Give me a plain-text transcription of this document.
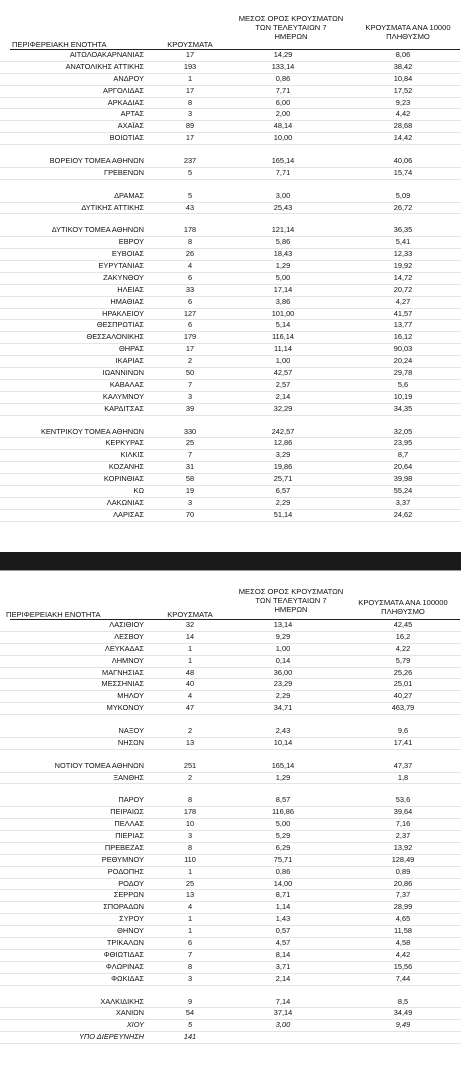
ΜΕΣΟΣ ΟΡΟΣ ΚΡΟΥΣΜΑΤΩΝ
ΤΩΝ ΤΕΛΕΥΤΑΙΩΝ 7
ΗΜΕΡΩΝ
ΚΡΟΥΣΜΑΤΑ ΑΝΑ 10000
ΠΛΗΘΥΣΜΟ
ΠΕΡΙΦΕΡΕΙΑΚΗ ΕΝΟΤΗΤΑ	ΚΡΟΥΣΜΑΤΑ
ΑΙΤΩΛΟΑΚΑΡΝΑΝΙΑΣ	17	14,29	8,06
ΑΝΑΤΟΛΙΚΗΣ ΑΤΤΙΚΗΣ	193	133,14	38,42
ΑΝΔΡΟΥ	1	0,86	10,84
ΑΡΓΟΛΙΔΑΣ	17	7,71	17,52
ΑΡΚΑΔΙΑΣ	8	6,00	9,23
ΑΡΤΑΣ	3	2,00	4,42
ΑΧΑΪΑΣ	89	48,14	28,68
ΒΟΙΩΤΙΑΣ	17	10,00	14,42
ΒΟΡΕΙΟΥ ΤΟΜΕΑ ΑΘΗΝΩΝ	237	165,14	40,06
ΓΡΕΒΕΝΩΝ	5	7,71	15,74
ΔΡΑΜΑΣ	5	3,00	5,09
ΔΥΤΙΚΗΣ ΑΤΤΙΚΗΣ	43	25,43	26,72
ΔΥΤΙΚΟΥ ΤΟΜΕΑ ΑΘΗΝΩΝ	178	121,14	36,35
ΕΒΡΟΥ	8	5,86	5,41
ΕΥΒΟΙΑΣ	26	18,43	12,33
ΕΥΡΥΤΑΝΙΑΣ	4	1,29	19,92
ΖΑΚΥΝΘΟΥ	6	5,00	14,72
ΗΛΕΙΑΣ	33	17,14	20,72
ΗΜΑΘΙΑΣ	6	3,86	4,27
ΗΡΑΚΛΕΙΟΥ	127	101,00	41,57
ΘΕΣΠΡΩΤΙΑΣ	6	5,14	13,77
ΘΕΣΣΑΛΟΝΙΚΗΣ	179	116,14	16,12
ΘΗΡΑΣ	17	11,14	90,03
ΙΚΑΡΙΑΣ	2	1,00	20,24
ΙΩΑΝΝΙΝΩΝ	50	42,57	29,78
ΚΑΒΑΛΑΣ	7	2,57	5,6
ΚΑΛΥΜΝΟΥ	3	2,14	10,19
ΚΑΡΔΙΤΣΑΣ	39	32,29	34,35
ΚΕΝΤΡΙΚΟΥ ΤΟΜΕΑ ΑΘΗΝΩΝ	330	242,57	32,05
ΚΕΡΚΥΡΑΣ	25	12,86	23,95
ΚΙΛΚΙΣ	7	3,29	8,7
ΚΟΖΑΝΗΣ	31	19,86	20,64
ΚΟΡΙΝΘΙΑΣ	58	25,71	39,98
ΚΩ	19	6,57	55,24
ΛΑΚΩΝΙΑΣ	3	2,29	3,37
ΛΑΡΙΣΑΣ	70	51,14	24,62
ΜΕΣΟΣ ΟΡΟΣ ΚΡΟΥΣΜΑΤΩΝ
ΤΩΝ ΤΕΛΕΥΤΑΙΩΝ 7
ΗΜΕΡΩΝ
ΚΡΟΥΣΜΑΤΑ ΑΝΑ 100000
ΠΛΗΘΥΣΜΟ
ΠΕΡΙΦΕΡΕΙΑΚΗ ΕΝΟΤΗΤΑ	ΚΡΟΥΣΜΑΤΑ
ΛΑΣΙΘΙΟΥ	32	13,14	42,45
ΛΕΣΒΟΥ	14	9,29	16,2
ΛΕΥΚΑΔΑΣ	1	1,00	4,22
ΛΗΜΝΟΥ	1	0,14	5,79
ΜΑΓΝΗΣΙΑΣ	48	36,00	25,26
ΜΕΣΣΗΝΙΑΣ	40	23,29	25,01
ΜΗΛΟΥ	4	2,29	40,27
ΜΥΚΟΝΟΥ	47	34,71	463,79
ΝΑΞΟΥ	2	2,43	9,6
ΝΗΣΩΝ	13	10,14	17,41
ΝΟΤΙΟΥ ΤΟΜΕΑ ΑΘΗΝΩΝ	251	165,14	47,37
ΞΑΝΘΗΣ	2	1,29	1,8
ΠΑΡΟΥ	8	8,57	53,6
ΠΕΙΡΑΙΩΣ	178	116,86	39,64
ΠΕΛΛΑΣ	10	5,00	7,16
ΠΙΕΡΙΑΣ	3	5,29	2,37
ΠΡΕΒΕΖΑΣ	8	6,29	13,92
ΡΕΘΥΜΝΟΥ	110	75,71	128,49
ΡΟΔΟΠΗΣ	1	0,86	0,89
ΡΟΔΟΥ	25	14,00	20,86
ΣΕΡΡΩΝ	13	8,71	7,37
ΣΠΟΡΑΔΩΝ	4	1,14	28,99
ΣΥΡΟΥ	1	1,43	4,65
ΘΗΝΟΥ	1	0,57	11,58
ΤΡΙΚΑΛΩΝ	6	4,57	4,58
ΦΘΙΩΤΙΔΑΣ	7	8,14	4,42
ΦΛΩΡΙΝΑΣ	8	3,71	15,56
ΦΩΚΙΔΑΣ	3	2,14	7,44
ΧΑΛΚΙΔΙΚΗΣ	9	7,14	8,5
ΧΑΝΙΩΝ	54	37,14	34,49
ΧΙΟΥ	5	3,00	9,49
ΥΠΟ ΔΙΕΡΕΥΝΗΣΗ	141
